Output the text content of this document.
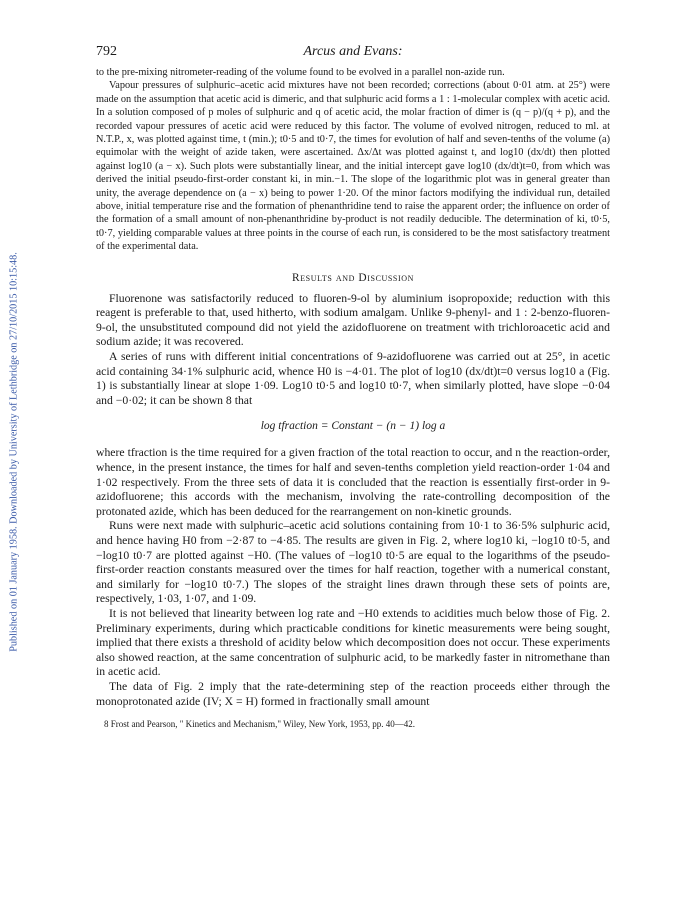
Published on 01 January 1958. Downloaded by University of Lethbridge on 27/10/2015 10:15:48.
792	Arcus and Evans:

to the pre-mixing nitrometer-reading of the volume found to be evolved in a parallel non-azide run.

Vapour pressures of sulphuric–acetic acid mixtures have not been recorded; corrections (about 0·01 atm. at 25°) were made on the assumption that acetic acid is dimeric, and that sulphuric acid forms a 1 : 1-molecular complex with acetic acid. In a solution composed of p moles of sulphuric and q of acetic acid, the molar fraction of dimer is (q − p)/(q + p), and the recorded vapour pressures of acetic acid were reduced by this factor. The volume of evolved nitrogen, reduced to ml. at N.T.P., x, was plotted against time, t (min.); t0·5 and t0·7, the times for evolution of half and seven-tenths of the volume (a) equimolar with the weight of azide taken, were ascertained. Δx/Δt was plotted against t, and log10 (dx/dt) then plotted against log10 (a − x). Such plots were substantially linear, and the initial intercept gave log10 (dx/dt)t=0, from which was derived the initial pseudo-first-order constant ki, in min.−1. The slope of the logarithmic plot was in general greater than unity, the average dependence on (a − x) being to power 1·20. Of the minor factors modifying the individual run, detailed above, initial temperature rise and the formation of phenanthridine tend to raise the apparent order; the influence on order of the formation of a small amount of non-phenanthridine by-product is not readily deducible. The determination of ki, t0·5, t0·7, yielding comparable values at three points in the course of each run, is considered to be the most satisfactory treatment of the experimental data.

Results and Discussion

Fluorenone was satisfactorily reduced to fluoren-9-ol by aluminium isopropoxide; reduction with this reagent is preferable to that, used hitherto, with sodium amalgam. Unlike 9-phenyl- and 1 : 2-benzo-fluoren-9-ol, the unsubstituted compound did not yield the azidofluorene on treatment with trichloroacetic acid and sodium azide; it was recovered.

A series of runs with different initial concentrations of 9-azidofluorene was carried out at 25°, in acetic acid containing 34·1% sulphuric acid, whence H0 is −4·01. The plot of log10 (dx/dt)t=0 versus log10 a (Fig. 1) is substantially linear at slope 1·09. Log10 t0·5 and log10 t0·7, when similarly plotted, have slope −0·04 and −0·02; it can be shown 8 that

log tfraction = Constant − (n − 1) log a

where tfraction is the time required for a given fraction of the total reaction to occur, and n the reaction-order, whence, in the present instance, the times for half and seven-tenths completion yield reaction-order 1·04 and 1·02 respectively. From the three sets of data it is concluded that the reaction is essentially first-order in 9-azidofluorene; this accords with the mechanism, involving the rate-controlling decomposition of the protonated azide, which has been deduced for the rearrangement on non-kinetic grounds.

Runs were next made with sulphuric–acetic acid solutions containing from 10·1 to 36·5% sulphuric acid, and hence having H0 from −2·87 to −4·85. The results are given in Fig. 2, where log10 ki, −log10 t0·5, and −log10 t0·7 are plotted against −H0. (The values of −log10 t0·5 are equal to the logarithms of the pseudo-first-order reaction constants measured over the times for half reaction, together with a numerical constant, and similarly for −log10 t0·7.) The slopes of the straight lines drawn through these sets of points are, respectively, 1·03, 1·07, and 1·09.

It is not believed that linearity between log rate and −H0 extends to acidities much below those of Fig. 2. Preliminary experiments, during which practicable conditions for kinetic measurements were being sought, implied that there exists a threshold of acidity below which decomposition does not occur. These experiments also showed reaction, at the same concentration of sulphuric acid, to be markedly faster in nitromethane than in acetic acid.

The data of Fig. 2 imply that the rate-determining step of the reaction proceeds either through the monoprotonated azide (IV; X = H) formed in fractionally small amount

8 Frost and Pearson, " Kinetics and Mechanism," Wiley, New York, 1953, pp. 40—42.
